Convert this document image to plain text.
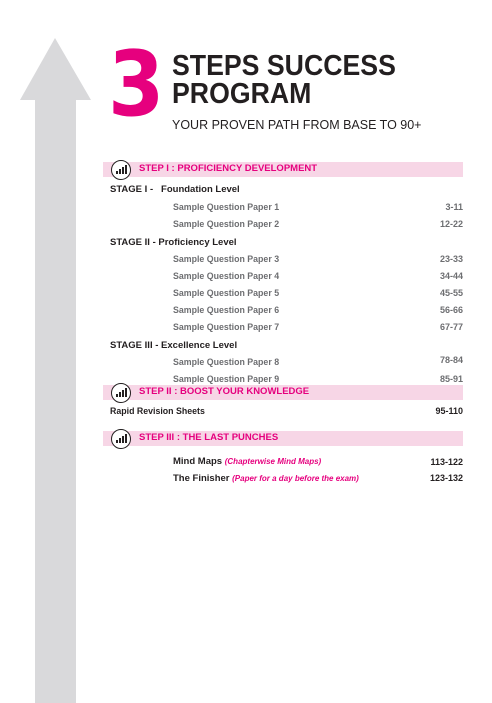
3 STEPS SUCCESS
PROGRAM
YOUR PROVEN PATH FROM BASE TO 90+
STEP I : PROFICIENCY DEVELOPMENT
STAGE I - Foundation Level
Sample Question Paper 1	3-11
Sample Question Paper 2	12-22
STAGE II - Proficiency Level
Sample Question Paper 3	23-33
Sample Question Paper 4	34-44
Sample Question Paper 5	45-55
Sample Question Paper 6	56-66
Sample Question Paper 7	67-77
STAGE III - Excellence Level
Sample Question Paper 8	78-84
Sample Question Paper 9	85-91
STEP II : BOOST YOUR KNOWLEDGE
Rapid Revision Sheets	95-110
STEP III : THE LAST PUNCHES
Mind Maps (Chapterwise Mind Maps)	113-122
The Finisher (Paper for a day before the exam)	123-132
